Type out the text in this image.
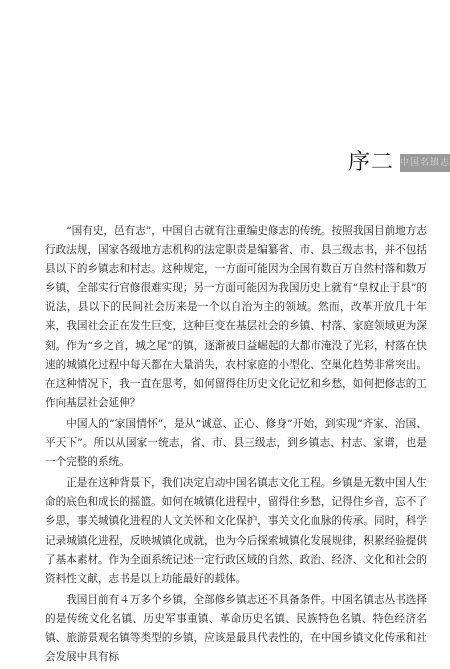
序二 中国名镇志

“国有史，邑有志”，中国自古就有注重编史修志的传统。按照我国目前地方志行政法规，国家各级地方志机构的法定职责是编纂省、市、县三级志书，并不包括县以下的乡镇志和村志。这种规定，一方面可能因为全国有数百万自然村落和数万乡镇，全部实行官修很难实现；另一方面可能因为我国历史上就有“皇权止于县”的说法，县以下的民间社会历来是一个以自治为主的领域。然而，改革开放几十年来，我国社会正在发生巨变，这种巨变在基层社会的乡镇、村落、家庭领域更为深刻。作为“乡之首，城之尾”的镇，逐渐被日益崛起的大都市淹没了光彩，村落在快速的城镇化过程中每天都在大量消失，农村家庭的小型化、空巢化趋势非常突出。在这种情况下，我一直在思考，如何留得住历史文化记忆和乡愁，如何把修志的工作向基层社会延伸？

中国人的“家国情怀”，是从“诚意、正心、修身”开始，到实现“齐家、治国、平天下”。所以从国家一统志，省、市、县三级志，到乡镇志、村志、家谱，也是一个完整的系统。

正是在这种背景下，我们决定启动中国名镇志文化工程。乡镇是无数中国人生命的底色和成长的摇篮。如何在城镇化进程中，留得住乡愁，记得住乡音，忘不了乡思，事关城镇化进程的人文关怀和文化保护，事关文化血脉的传承。同时，科学记录城镇化进程，反映城镇化成就，也为今后探索城镇化发展规律，积累经验提供了基本素材。作为全面系统记述一定行政区域的自然、政治、经济、文化和社会的资料性文献，志书是以上功能最好的载体。

我国目前有４万多个乡镇，全部修乡镇志还不具备条件。中国名镇志丛书选择的是传统文化名镇、历史军事重镇、革命历史名镇、民族特色名镇、特色经济名镇、旅游景观名镇等类型的乡镇，应该是最具代表性的，在中国乡镇文化传承和社会发展中具有标
